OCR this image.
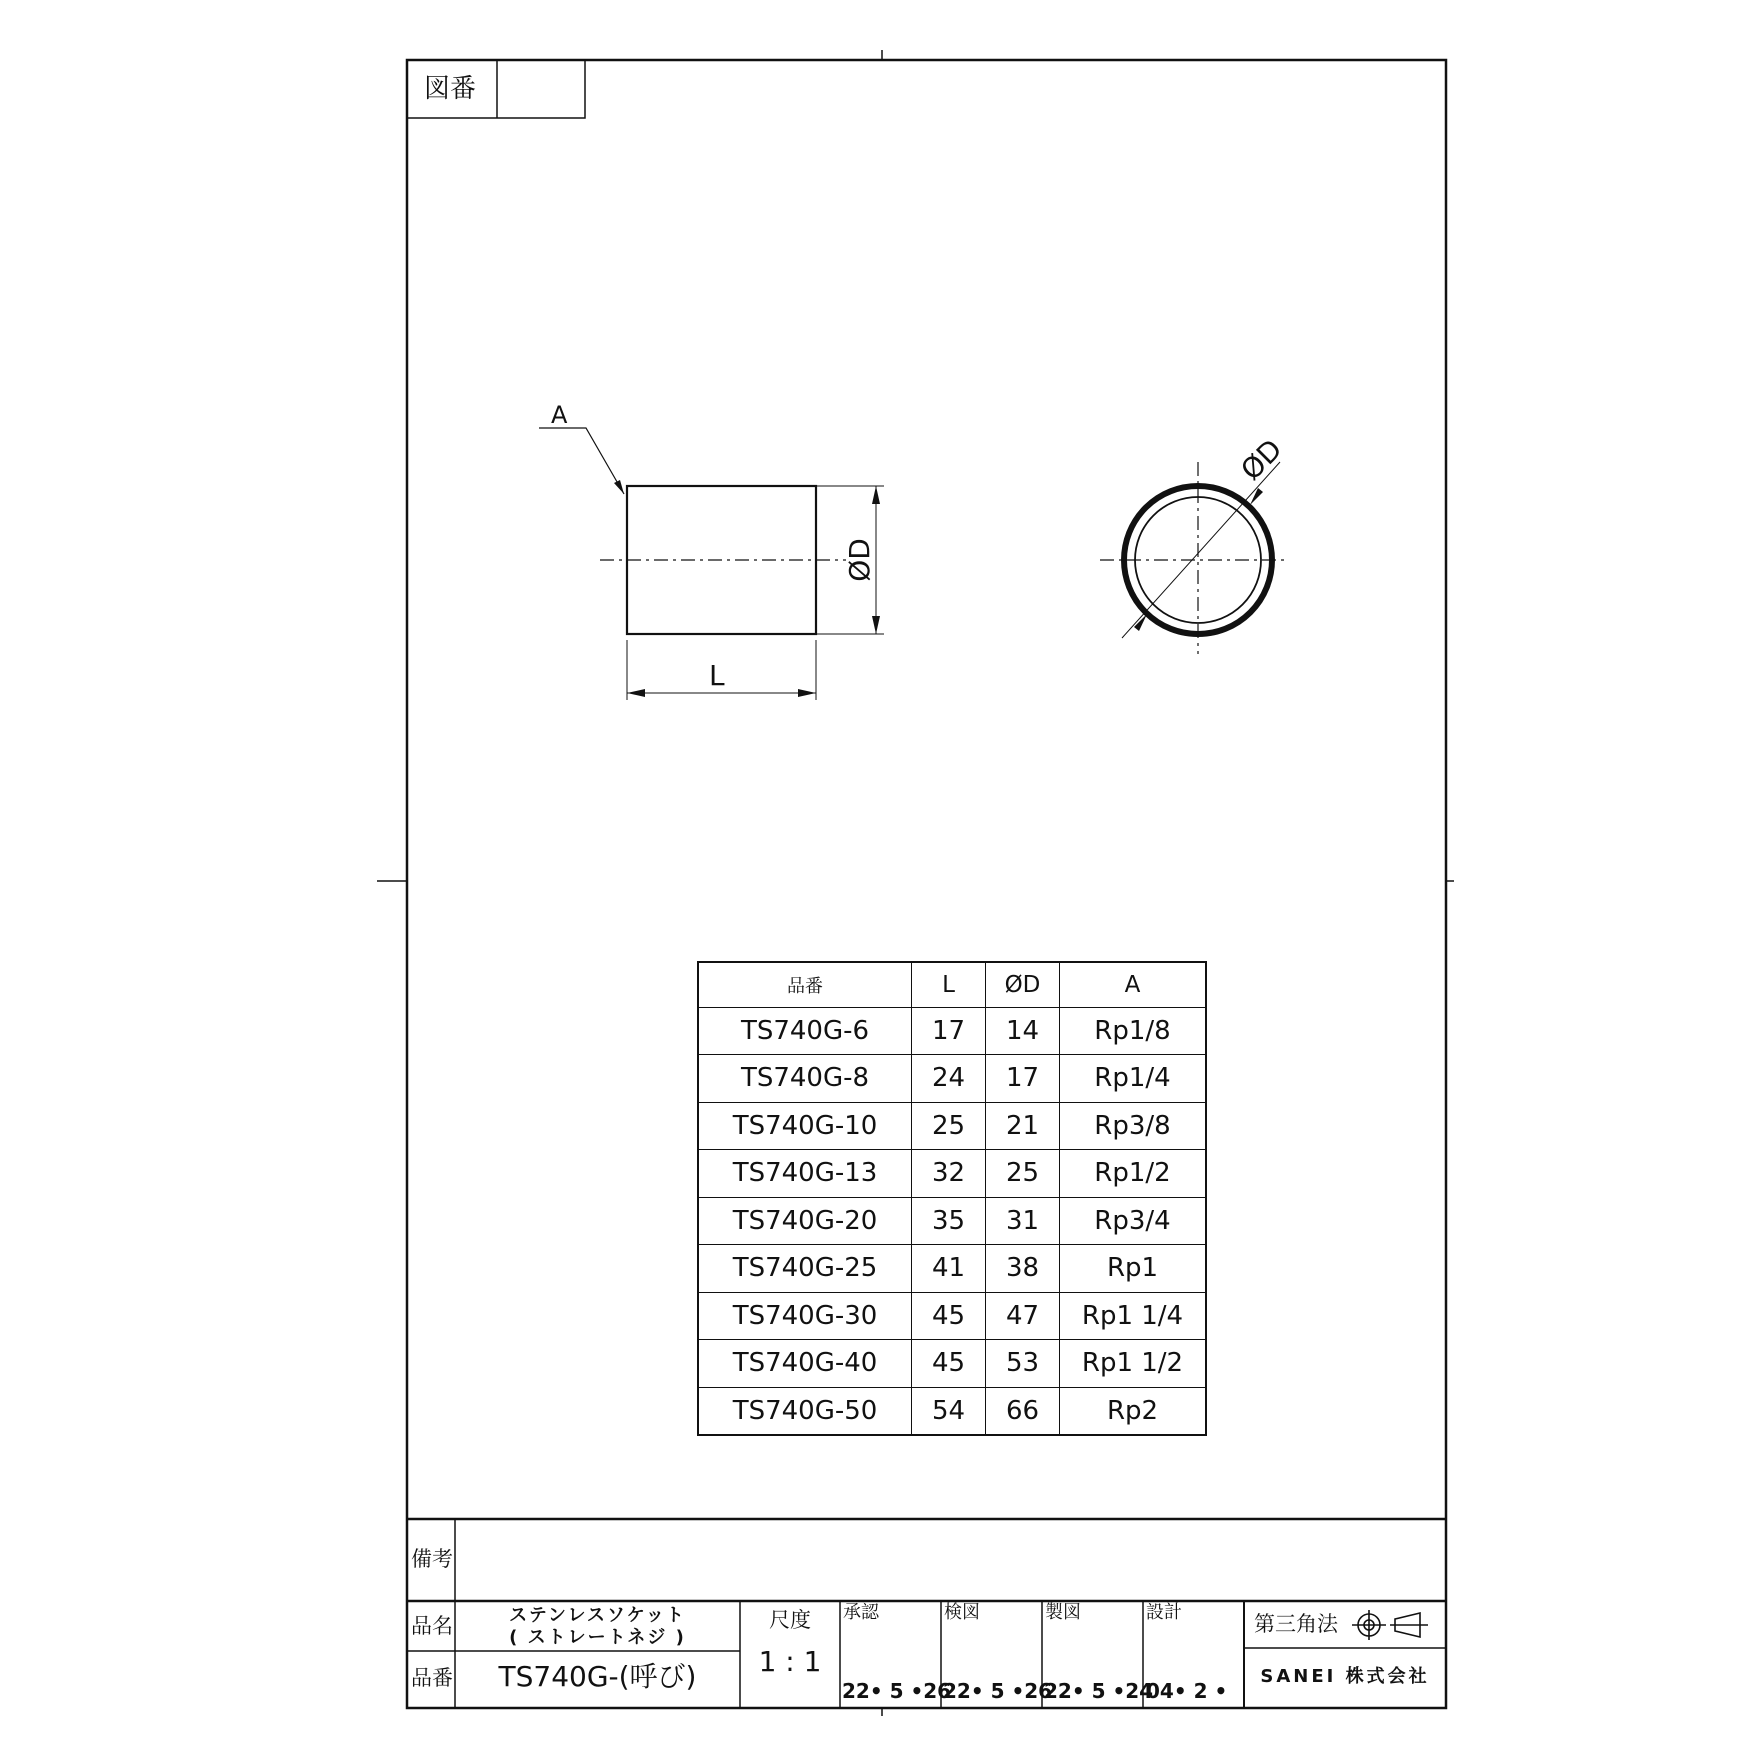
図番
A
L
ØD
ØD
品番	L	ØD	A
TS740G-6	17	14	Rp1/8
TS740G-8	24	17	Rp1/4
TS740G-10	25	21	Rp3/8
TS740G-13	32	25	Rp1/2
TS740G-20	35	31	Rp3/4
TS740G-25	41	38	Rp1
TS740G-30	45	47	Rp1 1/4
TS740G-40	45	53	Rp1 1/2
TS740G-50	54	66	Rp2
備考
品名	ステンレスソケット
( ストレートネジ )
品番	TS740G-(呼び)
尺度
1 : 1
承認
22• 5 •26
検図
22• 5 •26
製図
22• 5 •24
設計
04• 2 •
第三角法
SANEI 株式会社
